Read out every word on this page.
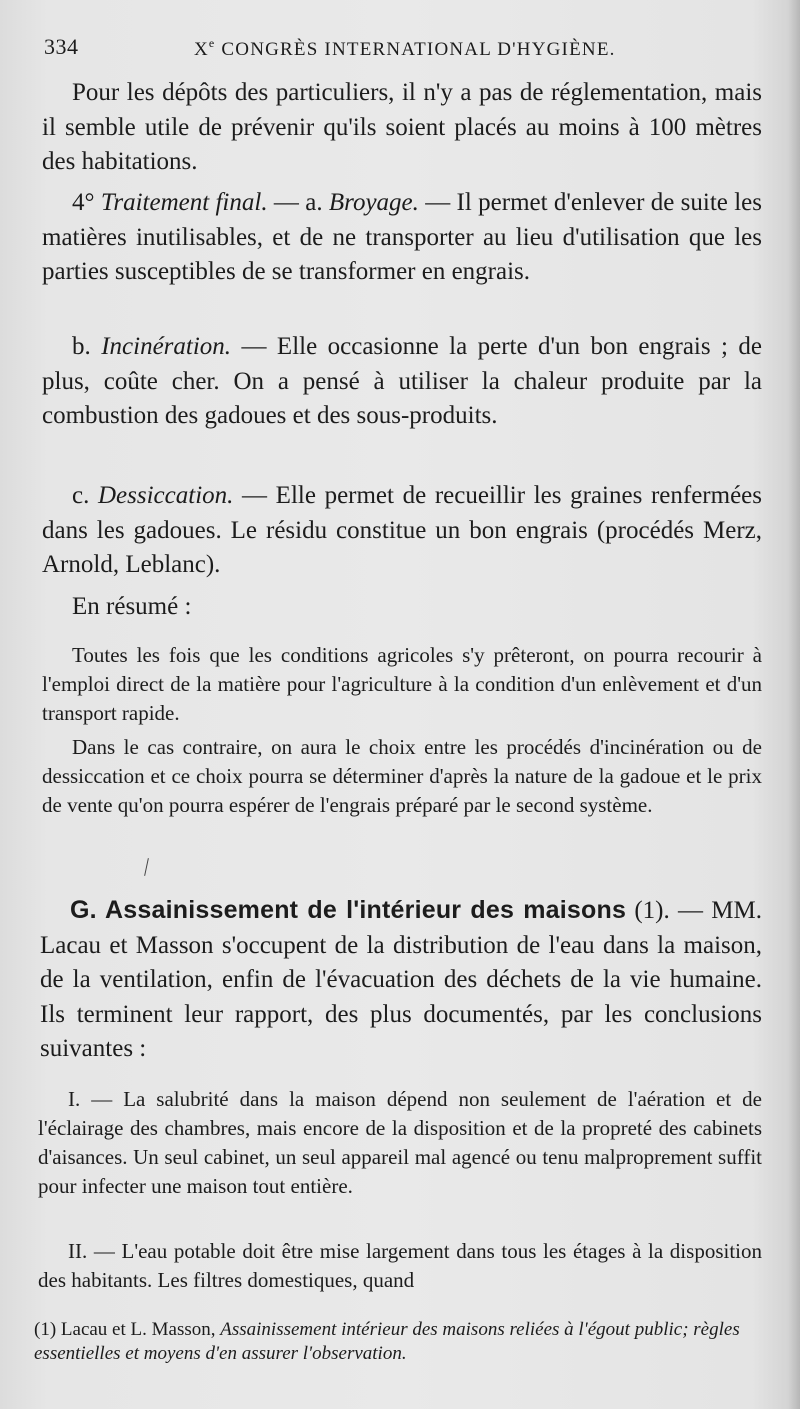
334	Xe CONGRÈS INTERNATIONAL D'HYGIÈNE.

Pour les dépôts des particuliers, il n'y a pas de réglementation, mais il semble utile de prévenir qu'ils soient placés au moins à 100 mètres des habitations.

4° Traitement final. — a. Broyage. — Il permet d'enlever de suite les matières inutilisables, et de ne transporter au lieu d'utilisation que les parties susceptibles de se transformer en engrais.

b. Incinération. — Elle occasionne la perte d'un bon engrais ; de plus, coûte cher. On a pensé à utiliser la chaleur produite par la combustion des gadoues et des sous-produits.

c. Dessiccation. — Elle permet de recueillir les graines renfermées dans les gadoues. Le résidu constitue un bon engrais (procédés Merz, Arnold, Leblanc).

En résumé :

Toutes les fois que les conditions agricoles s'y prêteront, on pourra recourir à l'emploi direct de la matière pour l'agriculture à la condition d'un enlèvement et d'un transport rapide.

Dans le cas contraire, on aura le choix entre les procédés d'incinération ou de dessiccation et ce choix pourra se déterminer d'après la nature de la gadoue et le prix de vente qu'on pourra espérer de l'engrais préparé par le second système.

G. Assainissement de l'intérieur des maisons (1). — MM. Lacau et Masson s'occupent de la distribution de l'eau dans la maison, de la ventilation, enfin de l'évacuation des déchets de la vie humaine. Ils terminent leur rapport, des plus documentés, par les conclusions suivantes :

I. — La salubrité dans la maison dépend non seulement de l'aération et de l'éclairage des chambres, mais encore de la disposition et de la propreté des cabinets d'aisances. Un seul cabinet, un seul appareil mal agencé ou tenu malproprement suffit pour infecter une maison tout entière.

II. — L'eau potable doit être mise largement dans tous les étages à la disposition des habitants. Les filtres domestiques, quand

(1) Lacau et L. Masson, Assainissement intérieur des maisons reliées à l'égout public; règles essentielles et moyens d'en assurer l'observation.
